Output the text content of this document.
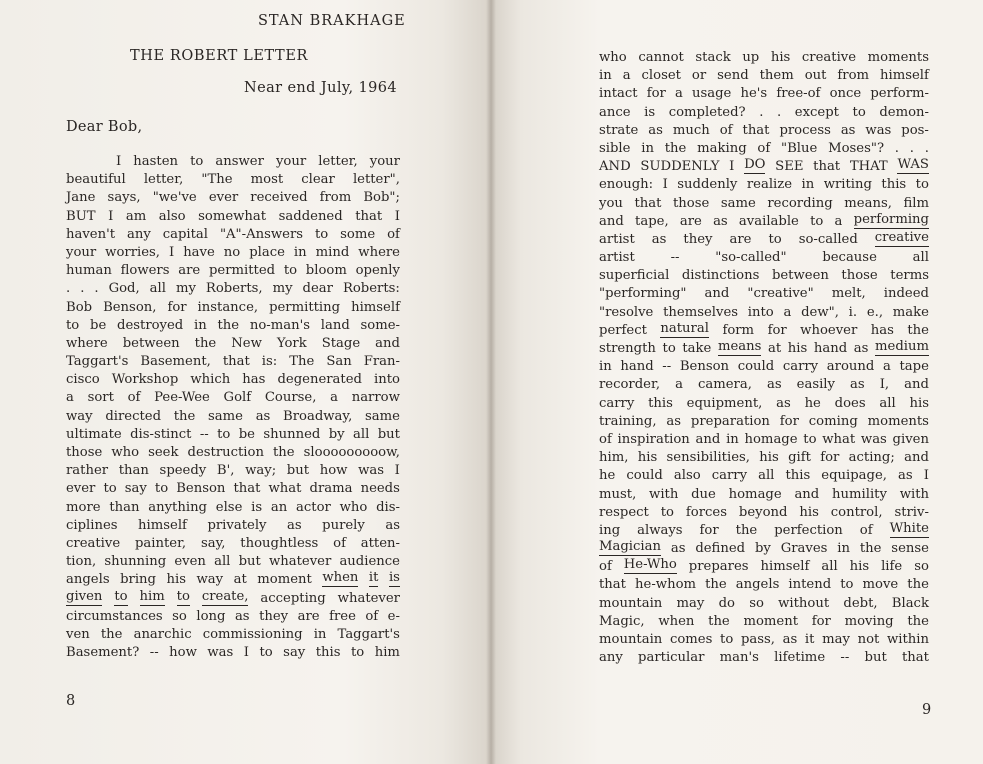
STAN BRAKHAGE
THE ROBERT LETTER
Near end July, 1964
Dear Bob,
I hasten to answer your letter, your
beautiful letter, "The most clear letter",
Jane says, "we've ever received from Bob";
BUT I am also somewhat saddened that I
haven't any capital "A"-Answers to some of
your worries, I have no place in mind where
human flowers are permitted to bloom openly
. . . God, all my Roberts, my dear Roberts:
Bob Benson, for instance, permitting himself
to be destroyed in the no-man's land some-
where between the New York Stage and
Taggart's Basement, that is: The San Fran-
cisco Workshop which has degenerated into
a sort of Pee-Wee Golf Course, a narrow
way directed the same as Broadway, same
ultimate dis-stinct -- to be shunned by all but
those who seek destruction the slooooooooow,
rather than speedy B', way; but how was I
ever to say to Benson that what drama needs
more than anything else is an actor who dis-
ciplines himself privately as purely as
creative painter, say, thoughtless of atten-
tion, shunning even all but whatever audience
angels bring his way at moment when it is
given to him to create, accepting whatever
circumstances so long as they are free of e-
ven the anarchic commissioning in Taggart's
Basement? -- how was I to say this to him
8
who cannot stack up his creative moments
in a closet or send them out from himself
intact for a usage he's free-of once perform-
ance is completed? . . except to demon-
strate as much of that process as was pos-
sible in the making of "Blue Moses"? . . .
AND SUDDENLY I DO SEE that THAT WAS
enough: I suddenly realize in writing this to
you that those same recording means, film
and tape, are as available to a performing
artist as they are to so-called creative
artist	--	"so-called"	because	all
superficial distinctions between those terms
"performing" and "creative" melt, indeed
"resolve themselves into a dew", i. e., make
perfect natural form for whoever has the
strength to take means at his hand as medium
in hand -- Benson could carry around a tape
recorder, a camera, as easily as I, and
carry this equipment, as he does all his
training, as preparation for coming moments
of inspiration and in homage to what was given
him, his sensibilities, his gift for acting; and
he could also carry all this equipage, as I
must, with due homage and humility with
respect to forces beyond his control, striv-
ing always for the perfection of White
Magician as defined by Graves in the sense
of He-Who prepares himself all his life so
that he-whom the angels intend to move the
mountain may do so without debt, Black
Magic, when the moment for moving the
mountain comes to pass, as it may not within
any particular man's lifetime -- but that
9
